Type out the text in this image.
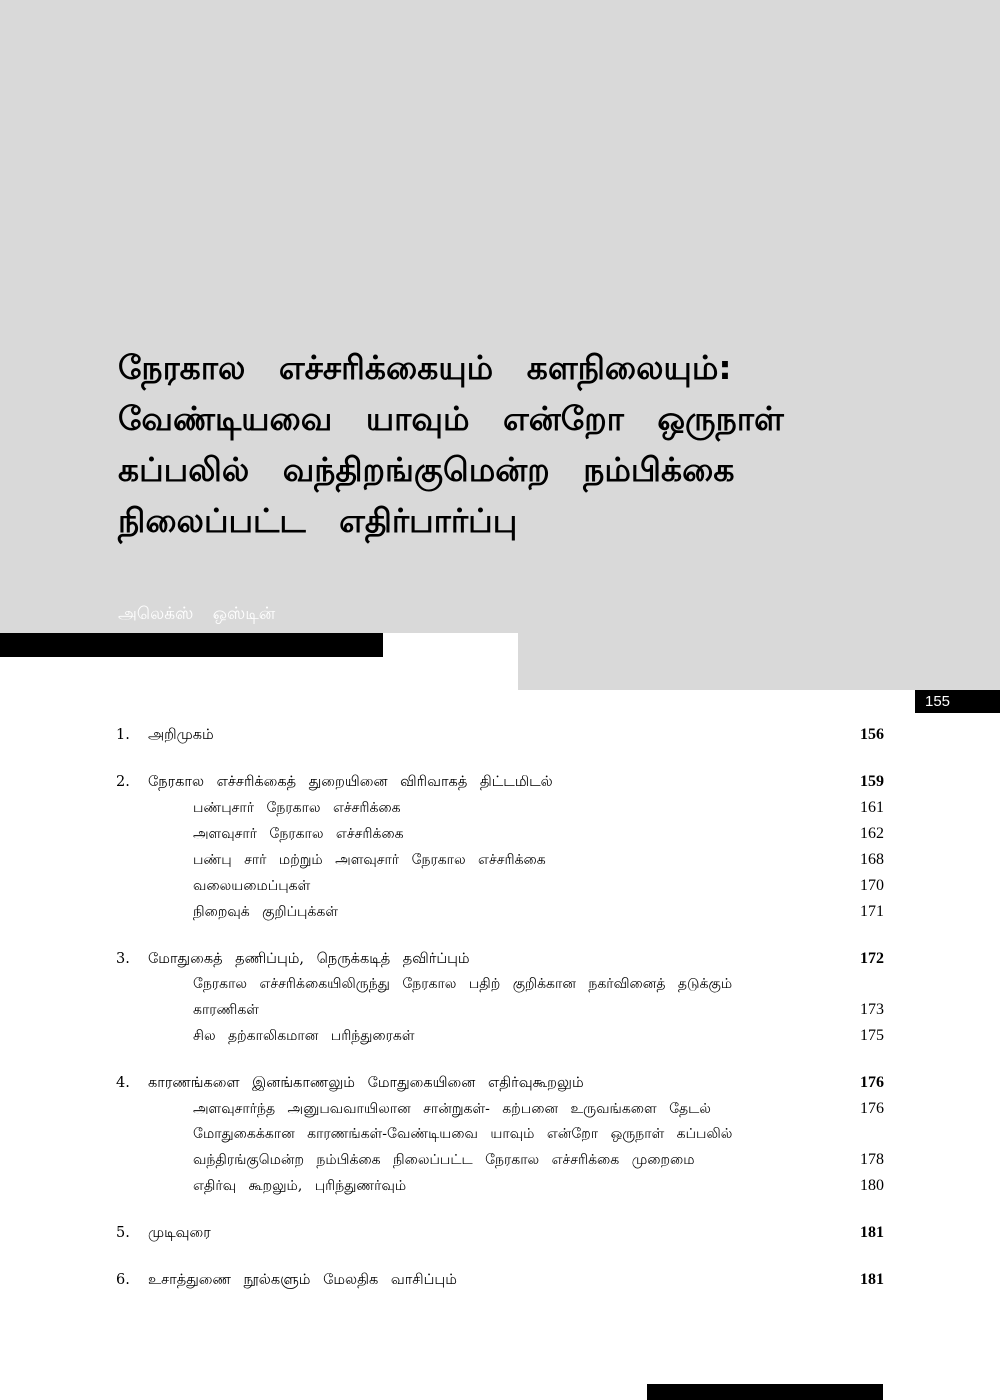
நேரகால எச்சரிக்கையும் களநிலையும்:
வேண்டியவை யாவும் என்றோ ஒருநாள்
கப்பலில் வந்திறங்குமென்ற நம்பிக்கை
நிலைப்பட்ட எதிர்பார்ப்பு
அலெக்ஸ் ஒஸ்டின்
155
1. அறிமுகம்	156
2. நேரகால எச்சரிக்கைத் துறையினை விரிவாகத் திட்டமிடல்	159
பண்புசார் நேரகால எச்சரிக்கை	161
அளவுசார் நேரகால எச்சரிக்கை	162
பண்பு சார் மற்றும் அளவுசார் நேரகால எச்சரிக்கை	168
வலையமைப்புகள்	170
நிறைவுக் குறிப்புக்கள்	171
3. மோதுகைத் தணிப்பும், நெருக்கடித் தவிர்ப்பும்	172
நேரகால எச்சரிக்கையிலிருந்து நேரகால பதிற் குறிக்கான நகர்வினைத் தடுக்கும்
காரணிகள்	173
சில தற்காலிகமான பரிந்துரைகள்	175
4. காரணங்களை இனங்காணலும் மோதுகையினை எதிர்வுகூறலும்	176
அளவுசார்ந்த அனுபவவாயிலான சான்றுகள்- கற்பனை உருவங்களை தேடல்	176
மோதுகைக்கான காரணங்கள்-வேண்டியவை யாவும் என்றோ ஒருநாள் கப்பலில்
வந்திரங்குமென்ற நம்பிக்கை நிலைப்பட்ட நேரகால எச்சரிக்கை முறைமை	178
எதிர்வு கூறலும், புரிந்துணர்வும்	180
5. முடிவுரை	181
6. உசாத்துணை நூல்களும் மேலதிக வாசிப்பும்	181
